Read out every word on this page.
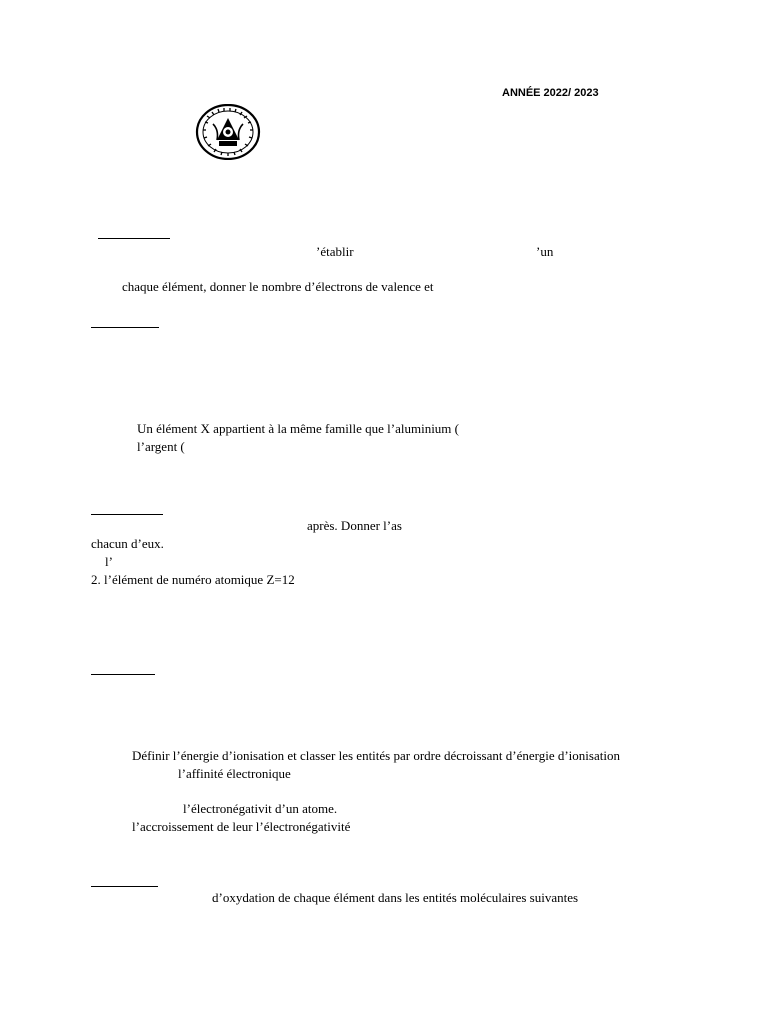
ANNÉE 2022/ 2023
’établir	’un
chaque élément, donner le nombre d’électrons de valence et
Un élément X appartient à la même famille que l’aluminium (
l’argent (
après. Donner l’as
chacun d’eux.
l’
2. l’élément de numéro atomique Z=12
Définir l’énergie d’ionisation et classer les entités par ordre décroissant d’énergie d’ionisation
l’affinité électronique
l’électronégativit d’un atome.
l’accroissement de leur l’électronégativité
d’oxydation de chaque élément dans les entités moléculaires suivantes
